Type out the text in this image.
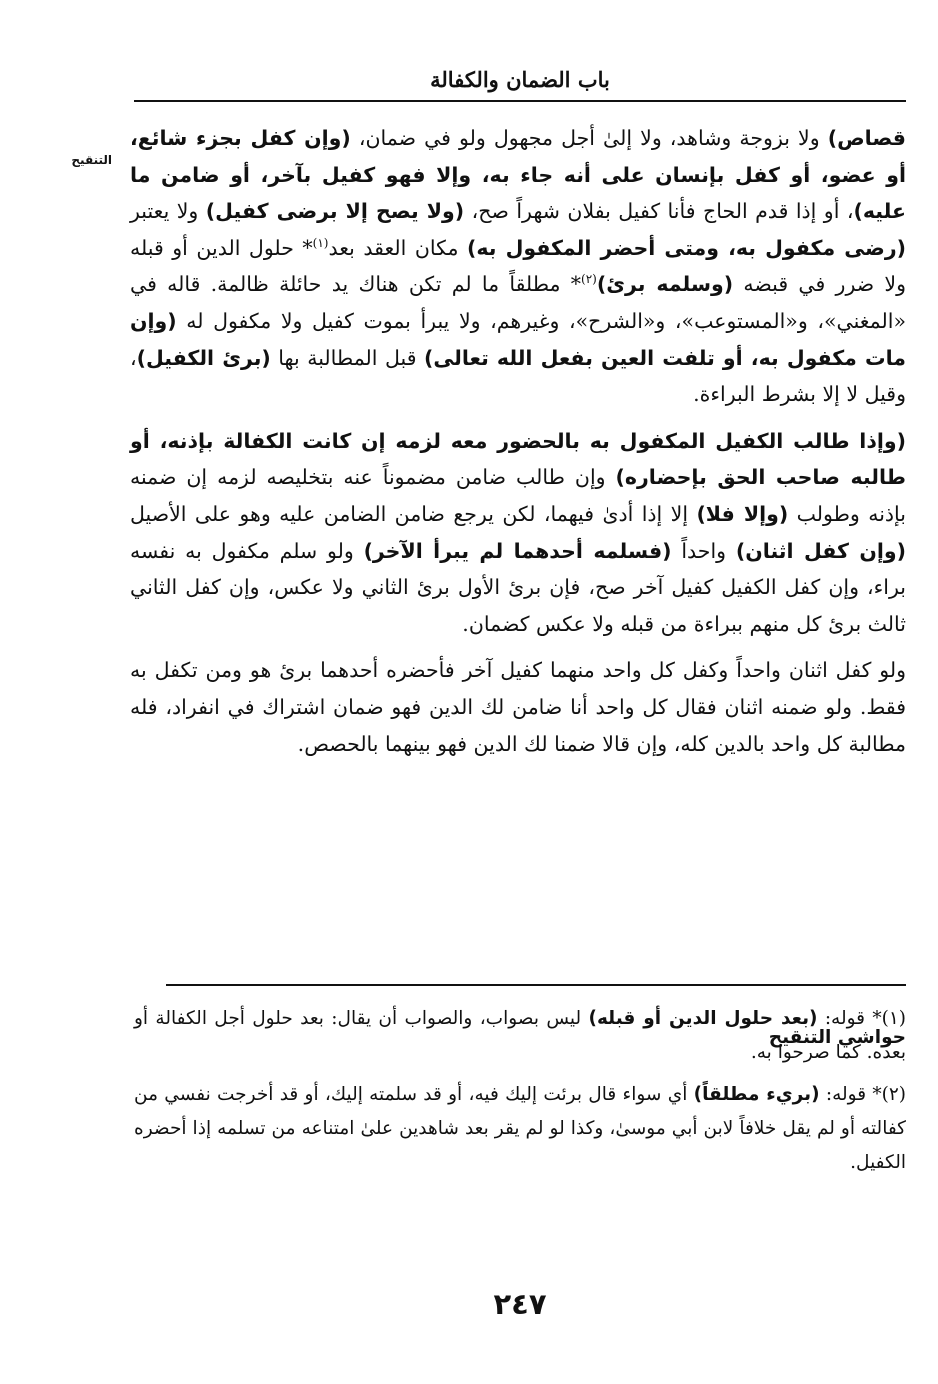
باب الضمان والكفالة
التنقيح

قصاص) ولا بزوجة وشاهد، ولا إلىٰ أجل مجهول ولو في ضمان، (وإن كفل بجزء شائع، أو عضو، أو كفل بإنسان على أنه جاء به، وإلا فهو كفيل بآخر، أو ضامن ما عليه)، أو إذا قدم الحاج فأنا كفيل بفلان شهراً صح، (ولا يصح إلا برضى كفيل) ولا يعتبر (رضى مكفول به، ومتى أحضر المكفول به) مكان العقد بعد$^{(١)}$* حلول الدين أو قبله ولا ضرر في قبضه (وسلمه برئ)$^{(٢)}$* مطلقاً ما لم تكن هناك يد حائلة ظالمة. قاله في «المغني»، و«المستوعب»، و«الشرح»، وغيرهم، ولا يبرأ بموت كفيل ولا مكفول له (وإن مات مكفول به، أو تلفت العين بفعل الله تعالى) قبل المطالبة بها (برئ الكفيل)، وقيل لا إلا بشرط البراءة.

(وإذا طالب الكفيل المكفول به بالحضور معه لزمه إن كانت الكفالة بإذنه، أو طالبه صاحب الحق بإحضاره) وإن طالب ضامن مضموناً عنه بتخليصه لزمه إن ضمنه بإذنه وطولب (وإلا فلا) إلا إذا أدىٰ فيهما، لكن يرجع ضامن الضامن عليه وهو على الأصيل (وإن كفل اثنان) واحداً (فسلمه أحدهما لم يبرأ الآخر) ولو سلم مكفول به نفسه براء، وإن كفل الكفيل كفيل آخر صح، فإن برئ الأول برئ الثاني ولا عكس، وإن كفل الثاني ثالث برئ كل منهم ببراءة من قبله ولا عكس كضمان.

ولو كفل اثنان واحداً وكفل كل واحد منهما كفيل آخر فأحضره أحدهما برئ هو ومن تكفل به فقط. ولو ضمنه اثنان فقال كل واحد أنا ضامن لك الدين فهو ضمان اشتراك في انفراد، فله مطالبة كل واحد بالدين كله، وإن قالا ضمنا لك الدين فهو بينهما بالحصص.

حواشي التنقيح

(١)* قوله: (بعد حلول الدين أو قبله) ليس بصواب، والصواب أن يقال: بعد حلول أجل الكفالة أو بعده. كما صرحوا به.

(٢)* قوله: (بريء مطلقاً) أي سواء قال برئت إليك فيه، أو قد سلمته إليك، أو قد أخرجت نفسي من كفالته أو لم يقل خلافاً لابن أبي موسىٰ، وكذا لو لم يقر بعد شاهدين علىٰ امتناعه من تسلمه إذا أحضره الكفيل.

٢٤٧
